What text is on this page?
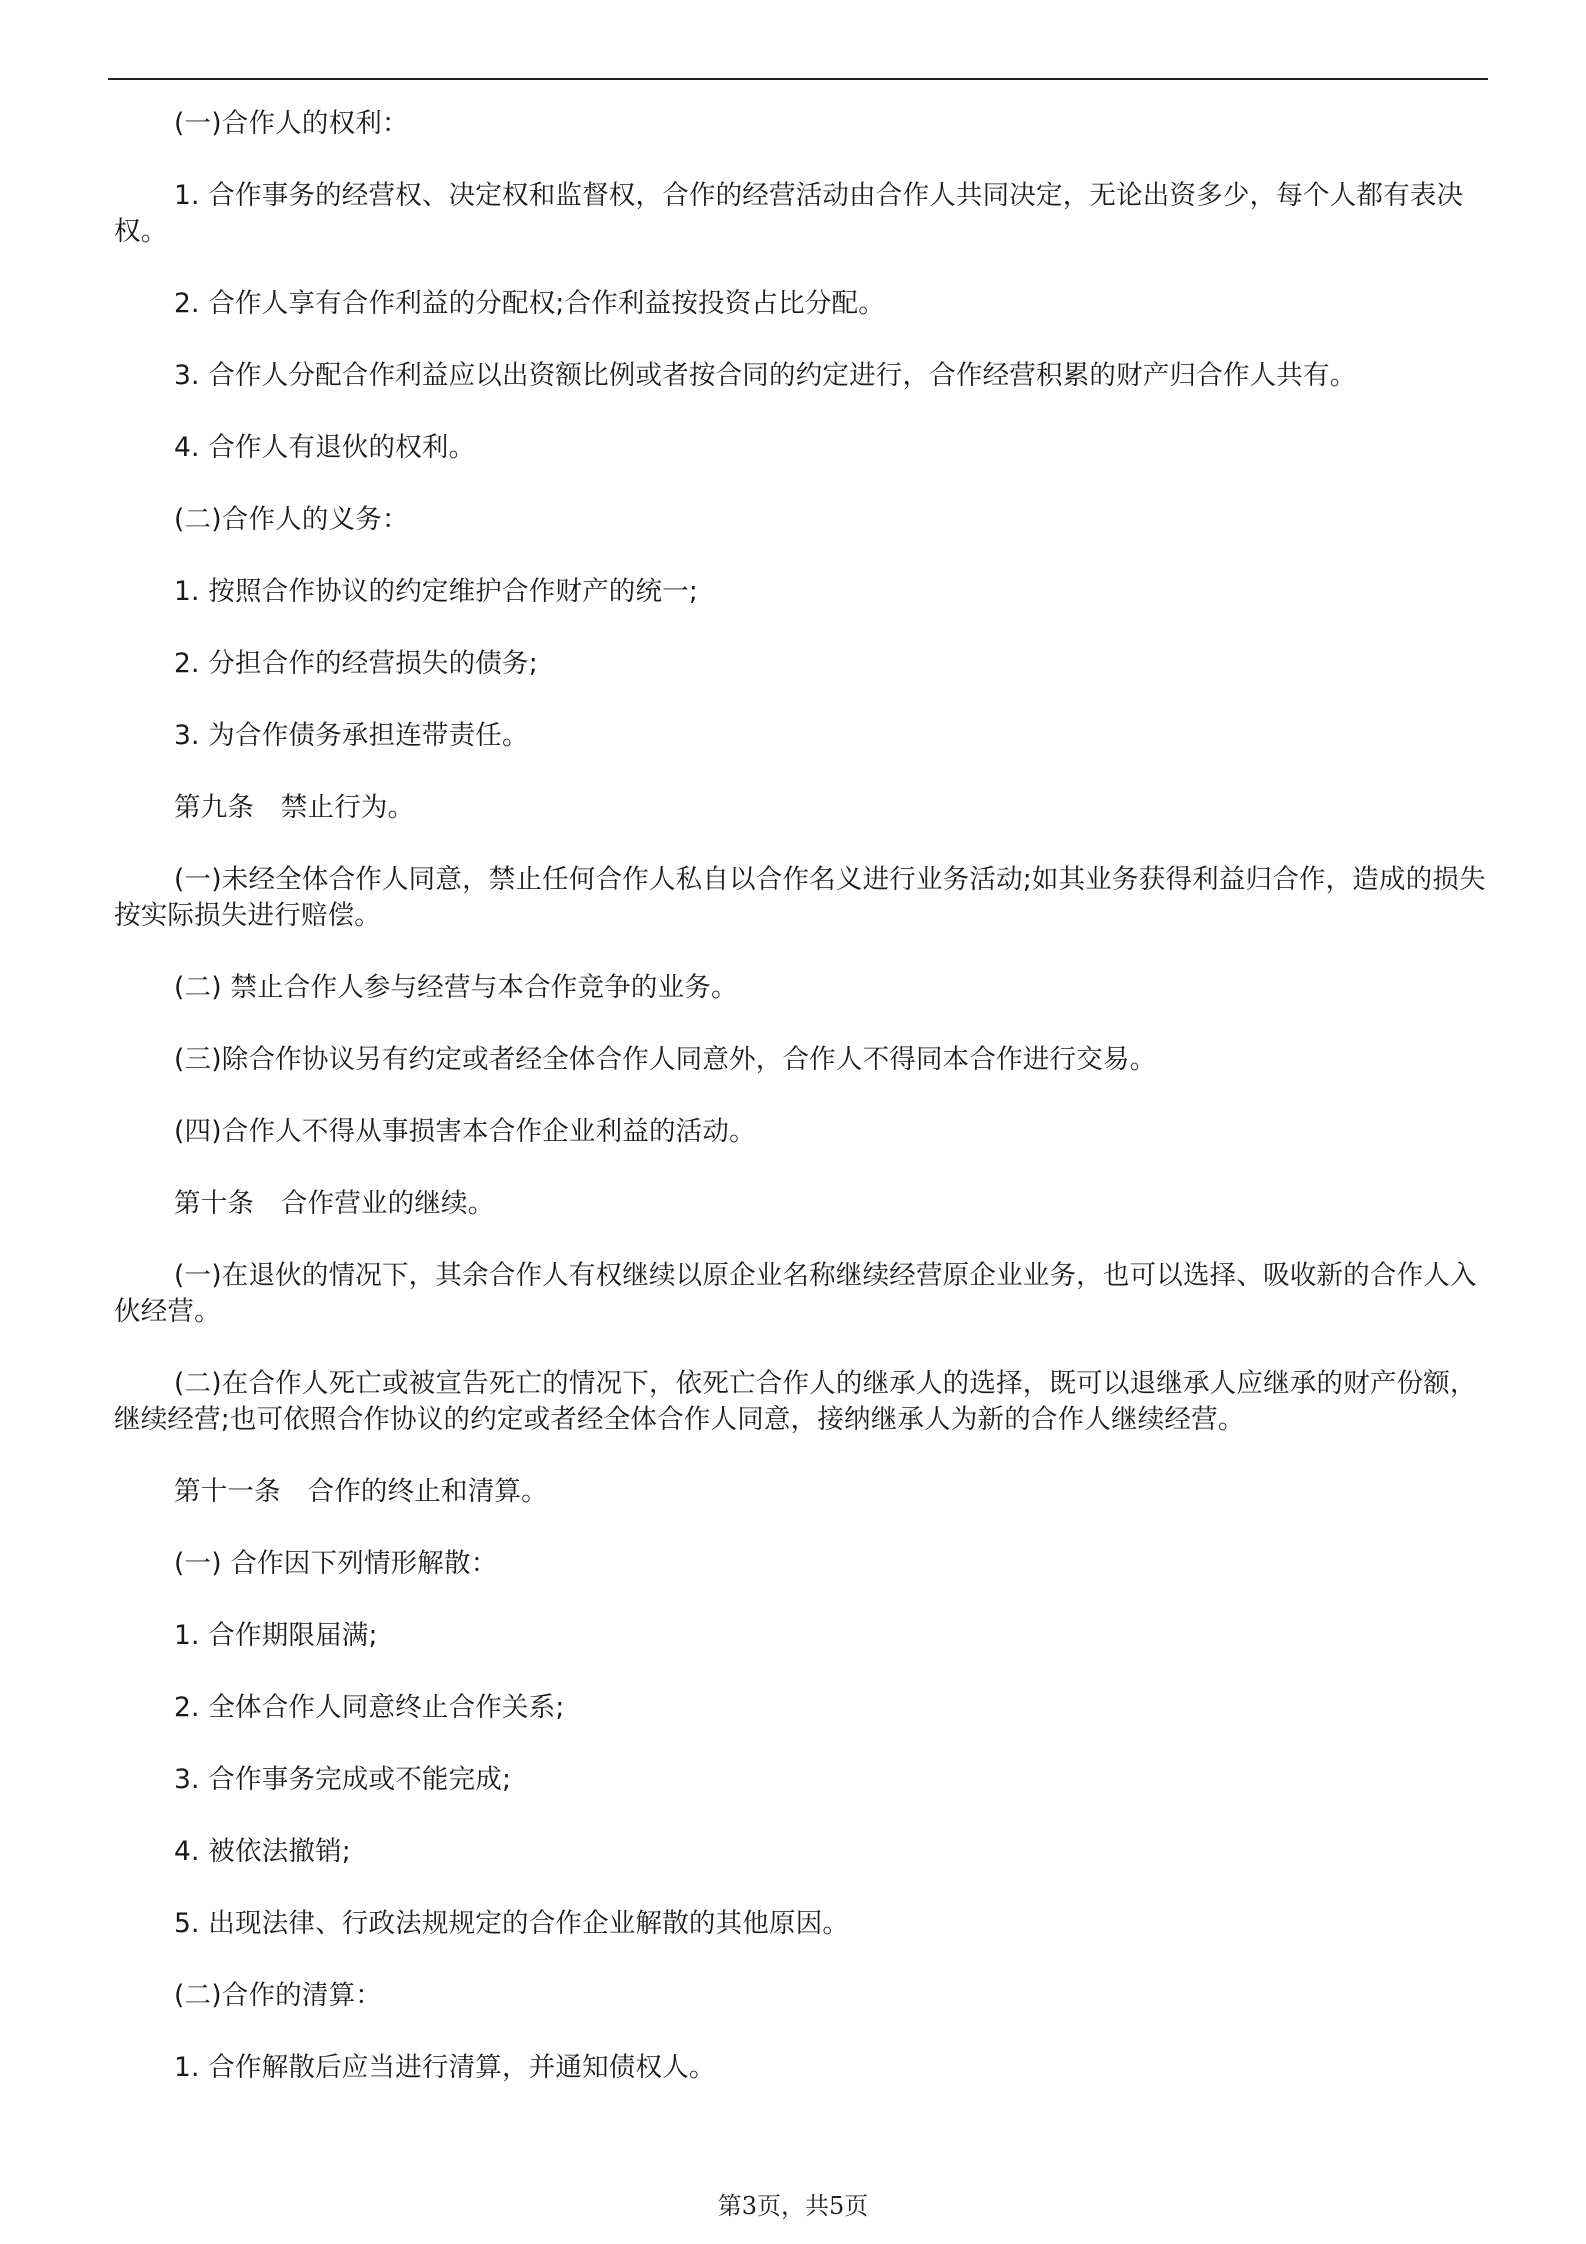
(一)合作人的权利：

1. 合作事务的经营权、决定权和监督权，合作的经营活动由合作人共同决定，无论出资多少，每个人都有表决权。

2. 合作人享有合作利益的分配权;合作利益按投资占比分配。

3. 合作人分配合作利益应以出资额比例或者按合同的约定进行，合作经营积累的财产归合作人共有。

4. 合作人有退伙的权利。

(二)合作人的义务：

1. 按照合作协议的约定维护合作财产的统一;

2. 分担合作的经营损失的债务;

3. 为合作债务承担连带责任。

第九条　禁止行为。

(一)未经全体合作人同意，禁止任何合作人私自以合作名义进行业务活动;如其业务获得利益归合作，造成的损失按实际损失进行赔偿。

(二) 禁止合作人参与经营与本合作竞争的业务。

(三)除合作协议另有约定或者经全体合作人同意外，合作人不得同本合作进行交易。

(四)合作人不得从事损害本合作企业利益的活动。

第十条　合作营业的继续。

(一)在退伙的情况下，其余合作人有权继续以原企业名称继续经营原企业业务，也可以选择、吸收新的合作人入伙经营。

(二)在合作人死亡或被宣告死亡的情况下，依死亡合作人的继承人的选择，既可以退继承人应继承的财产份额，继续经营;也可依照合作协议的约定或者经全体合作人同意，接纳继承人为新的合作人继续经营。

第十一条　合作的终止和清算。

(一) 合作因下列情形解散：

1. 合作期限届满;

2. 全体合作人同意终止合作关系;

3. 合作事务完成或不能完成;

4. 被依法撤销;

5. 出现法律、行政法规规定的合作企业解散的其他原因。

(二)合作的清算：

1. 合作解散后应当进行清算，并通知债权人。

第3页，共5页
